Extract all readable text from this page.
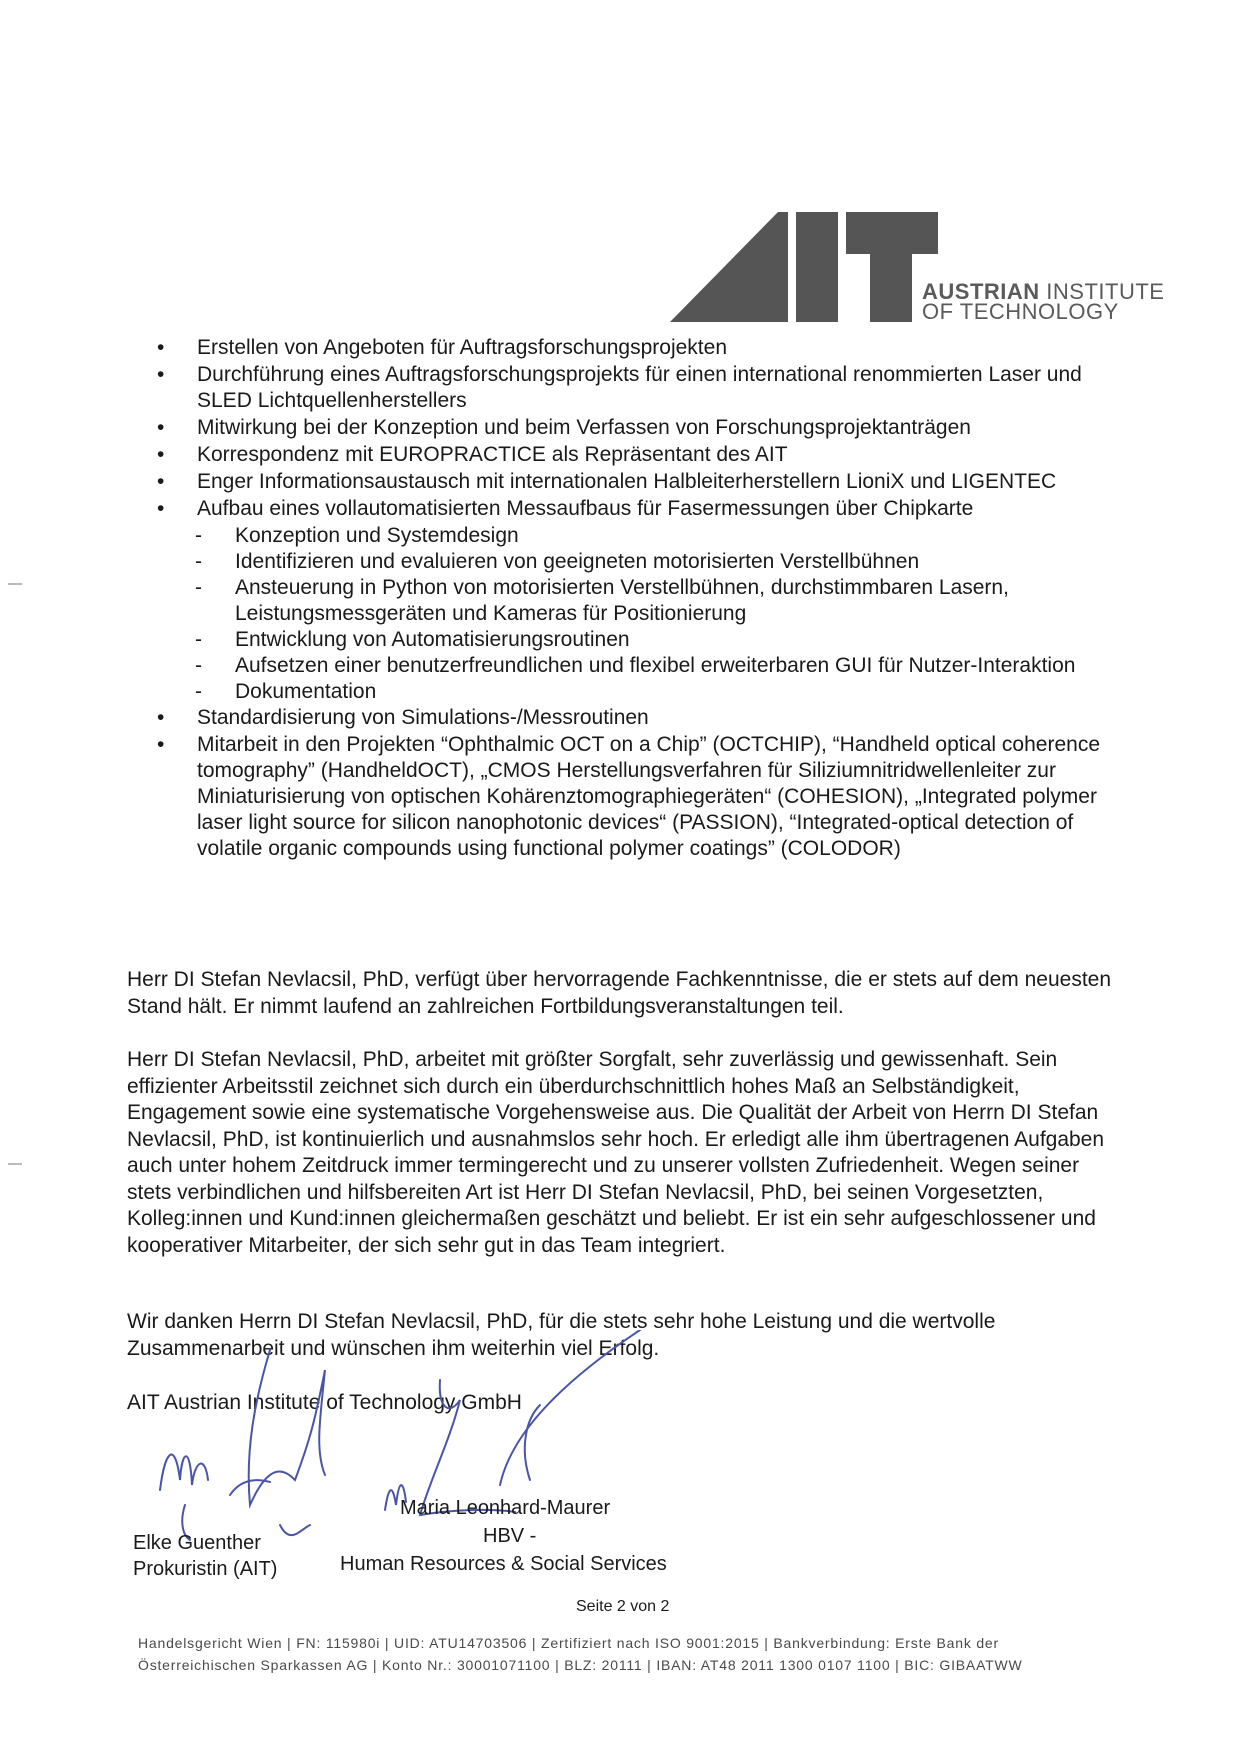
AUSTRIAN INSTITUTE
OF TECHNOLOGY
•	Erstellen von Angeboten für Auftragsforschungsprojekten
•	Durchführung eines Auftragsforschungsprojekts für einen international renommierten Laser und SLED Lichtquellenherstellers
•	Mitwirkung bei der Konzeption und beim Verfassen von Forschungsprojektanträgen
•	Korrespondenz mit EUROPRACTICE als Repräsentant des AIT
•	Enger Informationsaustausch mit internationalen Halbleiterherstellern LioniX und LIGENTEC
•	Aufbau eines vollautomatisierten Messaufbaus für Fasermessungen über Chipkarte
- Konzeption und Systemdesign
- Identifizieren und evaluieren von geeigneten motorisierten Verstellbühnen
- Ansteuerung in Python von motorisierten Verstellbühnen, durchstimmbaren Lasern, Leistungsmessgeräten und Kameras für Positionierung
- Entwicklung von Automatisierungsroutinen
- Aufsetzen einer benutzerfreundlichen und flexibel erweiterbaren GUI für Nutzer-Interaktion
- Dokumentation
•	Standardisierung von Simulations-/Messroutinen
•	Mitarbeit in den Projekten “Ophthalmic OCT on a Chip” (OCTCHIP), “Handheld optical coherence tomography” (HandheldOCT), „CMOS Herstellungsverfahren für Siliziumnitridwellenleiter zur Miniaturisierung von optischen Kohärenztomographiegeräten“ (COHESION), „Integrated polymer laser light source for silicon nanophotonic devices“ (PASSION), “Integrated-optical detection of volatile organic compounds using functional polymer coatings” (COLODOR)

Herr DI Stefan Nevlacsil, PhD, verfügt über hervorragende Fachkenntnisse, die er stets auf dem neuesten Stand hält. Er nimmt laufend an zahlreichen Fortbildungsveranstaltungen teil.

Herr DI Stefan Nevlacsil, PhD, arbeitet mit größter Sorgfalt, sehr zuverlässig und gewissenhaft. Sein effizienter Arbeitsstil zeichnet sich durch ein überdurchschnittlich hohes Maß an Selbständigkeit, Engagement sowie eine systematische Vorgehensweise aus. Die Qualität der Arbeit von Herrn DI Stefan Nevlacsil, PhD, ist kontinuierlich und ausnahmslos sehr hoch. Er erledigt alle ihm übertragenen Aufgaben auch unter hohem Zeitdruck immer termingerecht und zu unserer vollsten Zufriedenheit. Wegen seiner stets verbindlichen und hilfsbereiten Art ist Herr DI Stefan Nevlacsil, PhD, bei seinen Vorgesetzten, Kolleg:innen und Kund:innen gleichermaßen geschätzt und beliebt. Er ist ein sehr aufgeschlossener und kooperativer Mitarbeiter, der sich sehr gut in das Team integriert.

Wir danken Herrn DI Stefan Nevlacsil, PhD, für die stets sehr hohe Leistung und die wertvolle Zusammenarbeit und wünschen ihm weiterhin viel Erfolg.

AIT Austrian Institute of Technology GmbH

Elke Guenther
Prokuristin (AIT)
Maria Leonhard-Maurer
HBV -
Human Resources & Social Services
Seite 2 von 2
Handelsgericht Wien | FN: 115980i | UID: ATU14703506 | Zertifiziert nach ISO 9001:2015 | Bankverbindung: Erste Bank der
Österreichischen Sparkassen AG | Konto Nr.: 30001071100 | BLZ: 20111 | IBAN: AT48 2011 1300 0107 1100 | BIC: GIBAATWW
